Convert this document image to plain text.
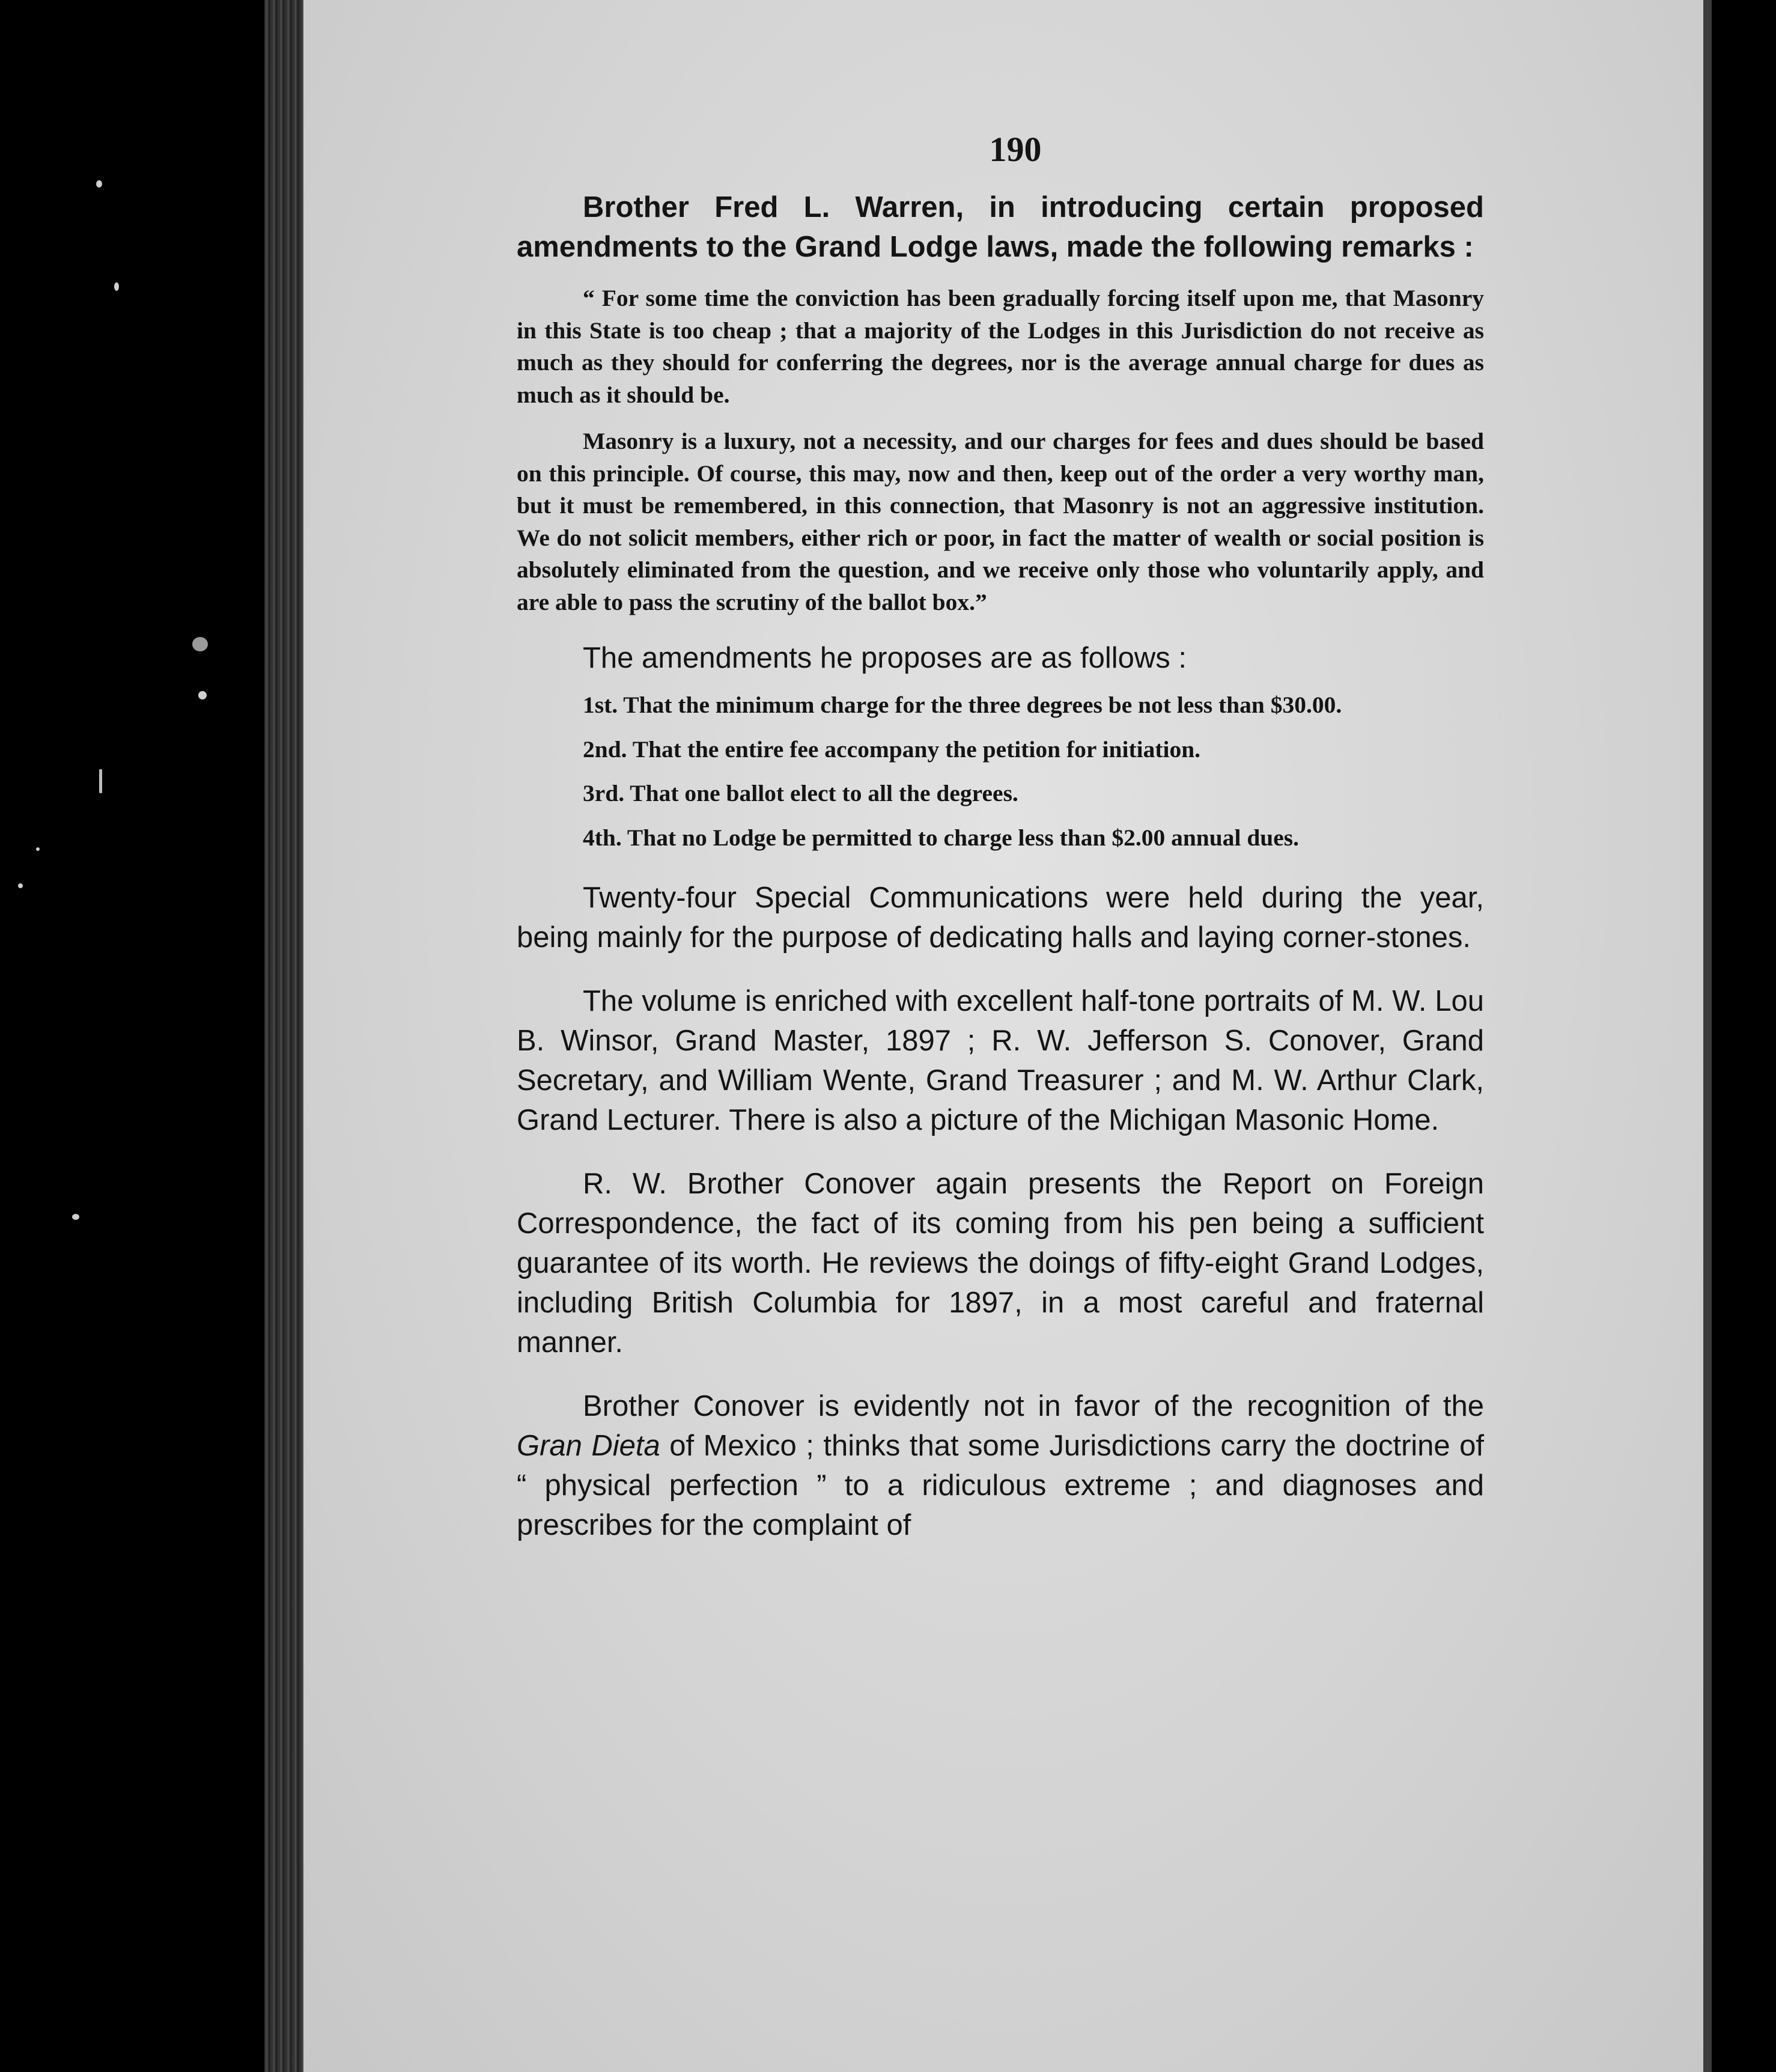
190

Brother Fred L. Warren, in introducing certain proposed amendments to the Grand Lodge laws, made the following remarks :

“ For some time the conviction has been gradually forcing itself upon me, that Masonry in this State is too cheap ; that a majority of the Lodges in this Jurisdiction do not receive as much as they should for conferring the degrees, nor is the average annual charge for dues as much as it should be.

Masonry is a luxury, not a necessity, and our charges for fees and dues should be based on this principle. Of course, this may, now and then, keep out of the order a very worthy man, but it must be remembered, in this connection, that Masonry is not an aggressive institution. We do not solicit members, either rich or poor, in fact the matter of wealth or social position is absolutely eliminated from the question, and we receive only those who voluntarily apply, and are able to pass the scrutiny of the ballot box.”

The amendments he proposes are as follows :

1st. That the minimum charge for the three degrees be not less than $30.00.

2nd. That the entire fee accompany the petition for initiation.

3rd. That one ballot elect to all the degrees.

4th. That no Lodge be permitted to charge less than $2.00 annual dues.

Twenty-four Special Communications were held during the year, being mainly for the purpose of dedicating halls and laying corner-stones.

The volume is enriched with excellent half-tone portraits of M. W. Lou B. Winsor, Grand Master, 1897 ; R. W. Jefferson S. Conover, Grand Secretary, and William Wente, Grand Treasurer ; and M. W. Arthur Clark, Grand Lecturer. There is also a picture of the Michigan Masonic Home.

R. W. Brother Conover again presents the Report on Foreign Correspondence, the fact of its coming from his pen being a sufficient guarantee of its worth. He reviews the doings of fifty-eight Grand Lodges, including British Columbia for 1897, in a most careful and fraternal manner.

Brother Conover is evidently not in favor of the recognition of the Gran Dieta of Mexico ; thinks that some Jurisdictions carry the doctrine of “ physical perfection ” to a ridiculous extreme ; and diagnoses and prescribes for the complaint of
